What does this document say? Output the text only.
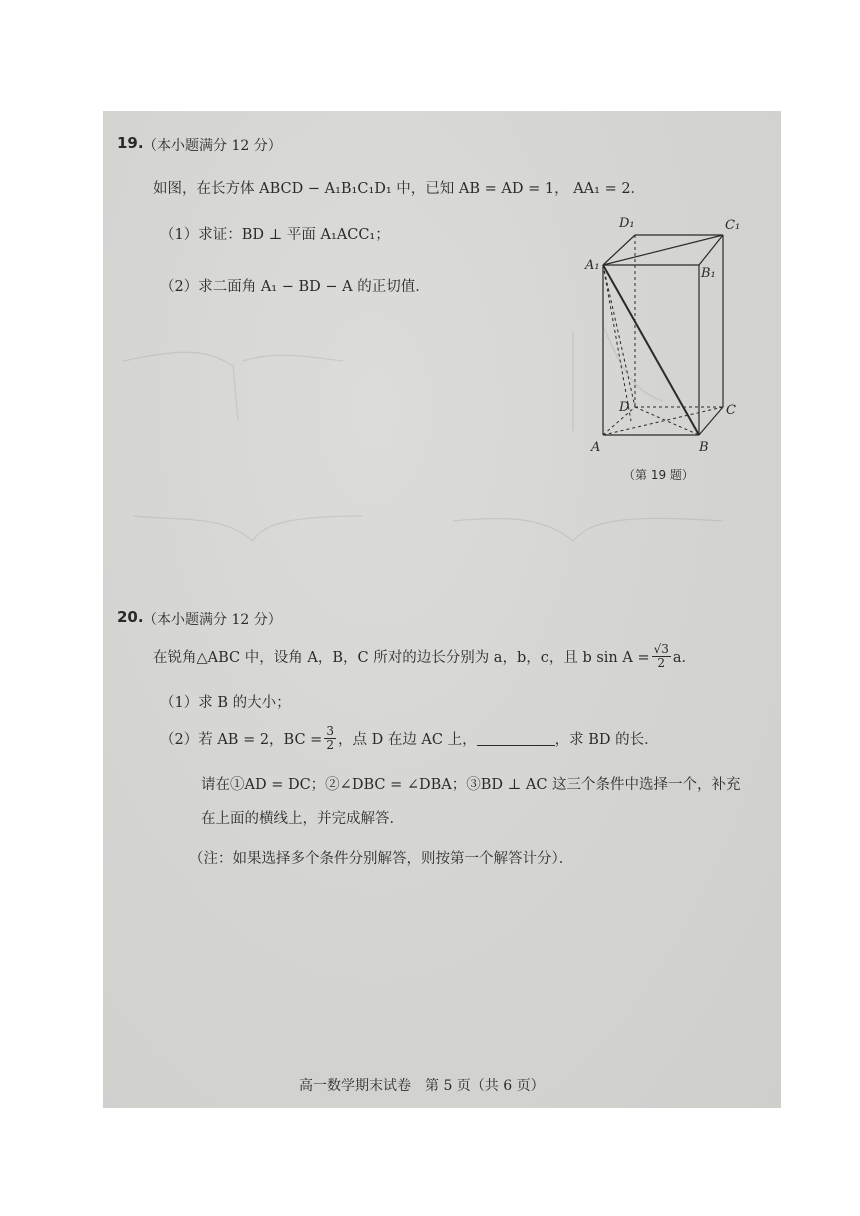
19. （本小题满分 12 分）
如图，在长方体 ABCD − A₁B₁C₁D₁ 中，已知 AB = AD = 1， AA₁ = 2．
（1）求证：BD ⊥ 平面 A₁ACC₁；
（2）求二面角 A₁ − BD − A 的正切值．
D₁	C₁
A₁
B₁
D	C
A	B
（第 19 题）
20. （本小题满分 12 分）
在锐角△ABC 中，设角 A，B，C 所对的边长分别为 a，b，c，且 b $\sin A = \frac{√3}{2}$ a．
（1）求 B 的大小；
（2）若 AB = 2，BC = $\frac{3}{2}$ ，点 D 在边 AC 上，	，求 BD 的长．
请在①AD = DC；②∠DBC = ∠DBA；③BD ⊥ AC 这三个条件中选择一个，补充
在上面的横线上，并完成解答．
（注：如果选择多个条件分别解答，则按第一个解答计分）．
高一数学期末试卷　第 5 页（共 6 页）
